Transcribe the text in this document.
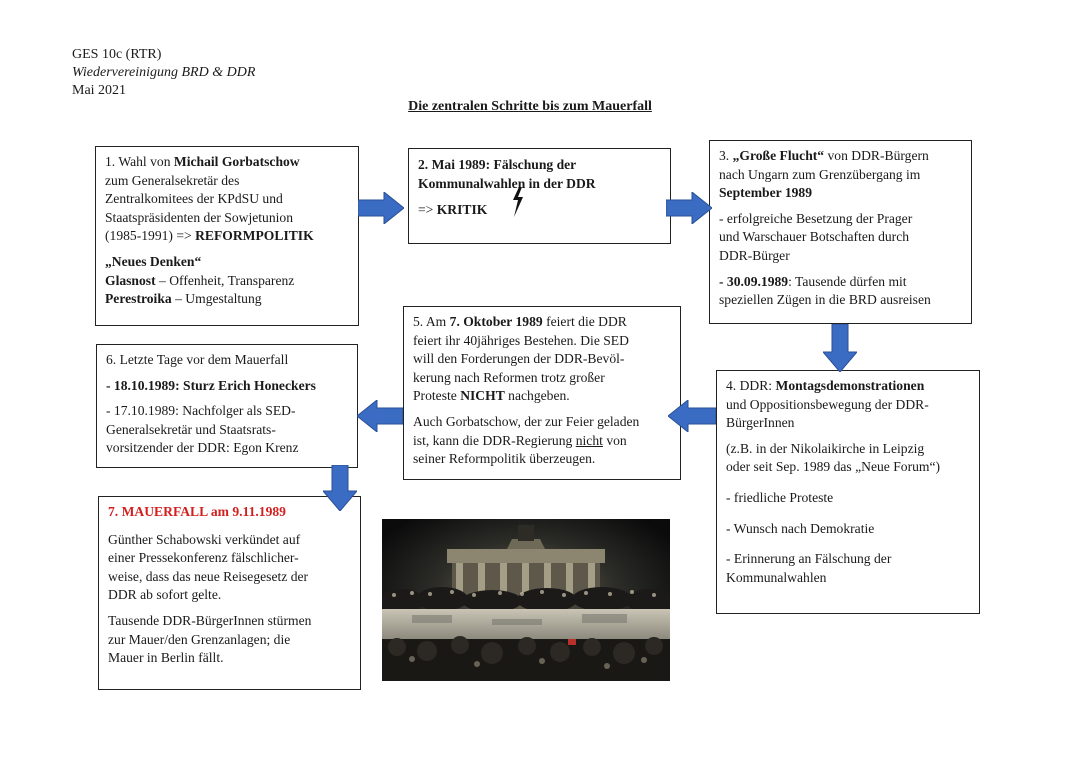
GES 10c (RTR)
Wiedervereinigung BRD & DDR
Mai 2021
Die zentralen Schritte bis zum Mauerfall

1. Wahl von Michail Gorbatschow

zum Generalsekretär des

Zentralkomitees der KPdSU und

Staatspräsidenten der Sowjetunion

(1985-1991) => REFORMPOLITIK

„Neues Denken“

Glasnost – Offenheit, Transparenz

Perestroika – Umgestaltung

2. Mai 1989: Fälschung der

Kommunalwahlen in der DDR

=> KRITIK

3. „Große Flucht“ von DDR-Bürgern

nach Ungarn zum Grenzübergang im

September 1989

- erfolgreiche Besetzung der Prager

und Warschauer Botschaften durch

DDR-Bürger

- 30.09.1989: Tausende dürfen mit

speziellen Zügen in die BRD ausreisen

4. DDR: Montagsdemonstrationen

und Oppositionsbewegung der DDR-

BürgerInnen

(z.B. in der Nikolaikirche in Leipzig

oder seit Sep. 1989 das „Neue Forum“)

- friedliche Proteste

- Wunsch nach Demokratie

- Erinnerung an Fälschung der

Kommunalwahlen

5. Am 7. Oktober 1989 feiert die DDR

feiert ihr 40jähriges Bestehen. Die SED

will den Forderungen der DDR-Bevöl-

kerung nach Reformen trotz großer

Proteste NICHT nachgeben.

Auch Gorbatschow, der zur Feier geladen

ist, kann die DDR-Regierung nicht von

seiner Reformpolitik überzeugen.

6. Letzte Tage vor dem Mauerfall

- 18.10.1989: Sturz Erich Honeckers

- 17.10.1989: Nachfolger als SED-

Generalsekretär und Staatsrats-

vorsitzender der DDR: Egon Krenz

7. MAUERFALL am 9.11.1989

Günther Schabowski verkündet auf

einer Pressekonferenz fälschlicher-

weise, dass das neue Reisegesetz der

DDR ab sofort gelte.

Tausende DDR-BürgerInnen stürmen

zur Mauer/den Grenzanlagen; die

Mauer in Berlin fällt.
